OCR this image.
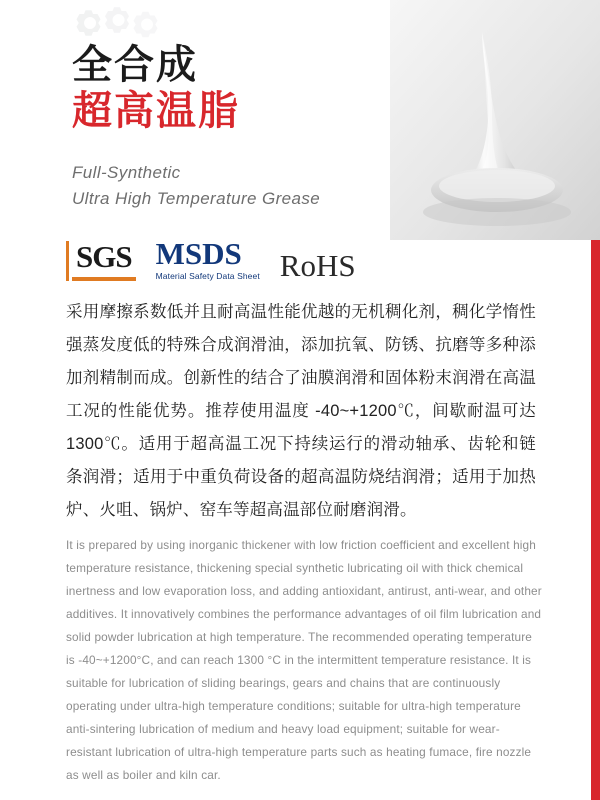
全合成
超高温脂
Full-Synthetic
Ultra High Temperature Grease
SGS MSDS
Material Safety Data Sheet RoHS
采用摩擦系数低并且耐高温性能优越的无机稠化剂，稠化学惰性强蒸发度低的特殊合成润滑油，添加抗氧、防锈、抗磨等多种添加剂精制而成。创新性的结合了油膜润滑和固体粉末润滑在高温工况的性能优势。推荐使用温度 -40~+1200℃，间歇耐温可达 1300℃。适用于超高温工况下持续运行的滑动轴承、齿轮和链条润滑；适用于中重负荷设备的超高温防烧结润滑；适用于加热炉、火咀、锅炉、窑车等超高温部位耐磨润滑。
It is prepared by using inorganic thickener with low friction coefficient and excellent high temperature resistance, thickening special synthetic lubricating oil with thick chemical inertness and low evaporation loss, and adding antioxidant, antirust, anti-wear, and other additives. It innovatively combines the performance advantages of oil film lubrication and solid powder lubrication at high temperature. The recommended operating temperature is -40~+1200°C, and can reach 1300 °C in the intermittent temperature resistance. It is suitable for lubrication of sliding bearings, gears and chains that are continuously operating under ultra-high temperature conditions; suitable for ultra-high temperature anti-sintering lubrication of medium and heavy load equipment; suitable for wear-resistant lubrication of ultra-high temperature parts such as heating fumace, fire nozzle as well as boiler and kiln car.
